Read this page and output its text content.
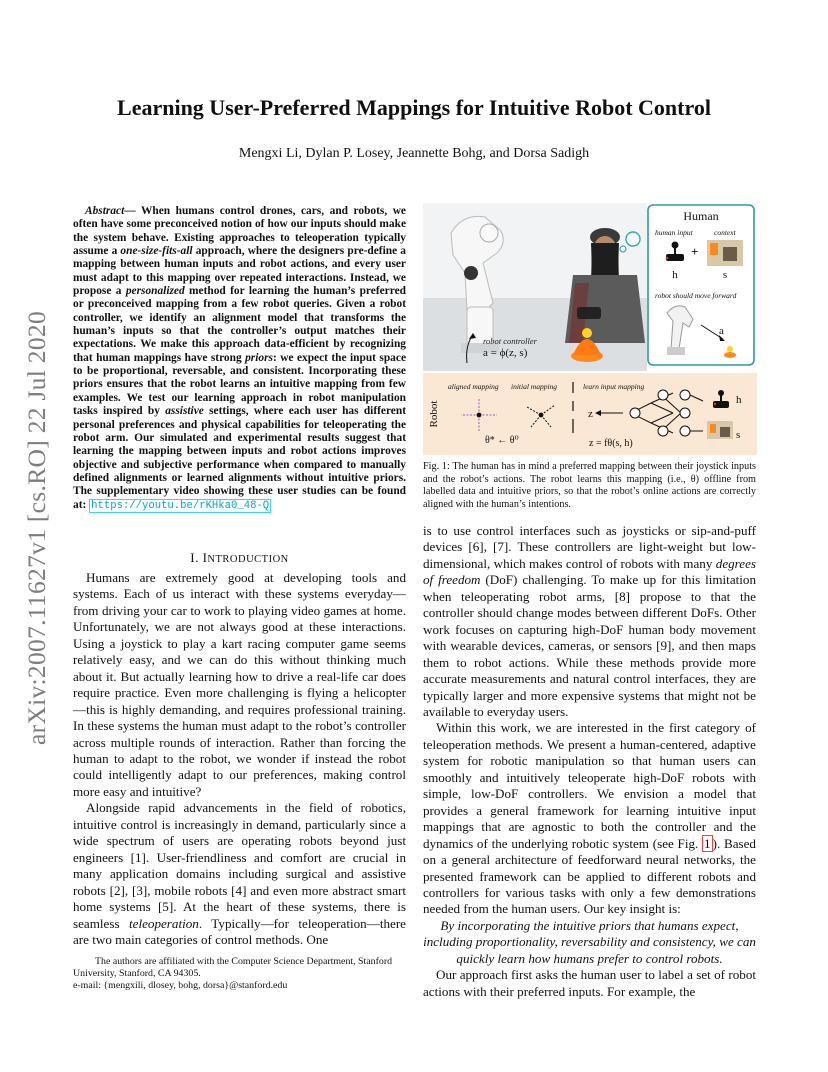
arXiv:2007.11627v1 [cs.RO] 22 Jul 2020
Learning User-Preferred Mappings for Intuitive Robot Control
Mengxi Li, Dylan P. Losey, Jeannette Bohg, and Dorsa Sadigh
Abstract— When humans control drones, cars, and robots, we often have some preconceived notion of how our inputs should make the system behave. Existing approaches to teleoperation typically assume a one-size-fits-all approach, where the designers pre-define a mapping between human inputs and robot actions, and every user must adapt to this mapping over repeated interactions. Instead, we propose a personalized method for learning the human’s preferred or preconceived mapping from a few robot queries. Given a robot controller, we identify an alignment model that transforms the human’s inputs so that the controller’s output matches their expectations. We make this approach data-efficient by recognizing that human mappings have strong priors: we expect the input space to be proportional, reversable, and consistent. Incorporating these priors ensures that the robot learns an intuitive mapping from few examples. We test our learning approach in robot manipulation tasks inspired by assistive settings, where each user has different personal preferences and physical capabilities for teleoperating the robot arm. Our simulated and experimental results suggest that learning the mapping between inputs and robot actions improves objective and subjective performance when compared to manually defined alignments or learned alignments without intuitive priors. The supplementary video showing these user studies can be found at: https://youtu.be/rKHka0_48-Q
I. INTRODUCTION

Humans are extremely good at developing tools and systems. Each of us interact with these systems everyday—from driving your car to work to playing video games at home. Unfortunately, we are not always good at these interactions. Using a joystick to play a kart racing computer game seems relatively easy, and we can do this without thinking much about it. But actually learning how to drive a real-life car does require practice. Even more challenging is flying a helicopter—this is highly demanding, and requires professional training. In these systems the human must adapt to the robot’s controller across multiple rounds of interaction. Rather than forcing the human to adapt to the robot, we wonder if instead the robot could intelligently adapt to our preferences, making control more easy and intuitive?

Alongside rapid advancements in the field of robotics, intuitive control is increasingly in demand, particularly since a wide spectrum of users are operating robots beyond just engineers [1]. User-friendliness and comfort are crucial in many application domains including surgical and assistive robots [2], [3], mobile robots [4] and even more abstract smart home systems [5]. At the heart of these systems, there is seamless teleoperation. Typically—for teleoperation—there are two main categories of control methods. One

The authors are affiliated with the Computer Science Department, Stanford University, Stanford, CA 94305.

e-mail: {mengxili, dlosey, bohg, dorsa}@stanford.edu

robot controller
a = ϕ(z, s)
Human
human input	context
+
h	s
robot should move forward
a
Robot
aligned mapping initial mapping	learn input mapping
θ* ← θ⁰
z
h
s
z = fθ(s, h)
Fig. 1: The human has in mind a preferred mapping between their joystick inputs and the robot’s actions. The robot learns this mapping (i.e., θ) offline from labelled data and intuitive priors, so that the robot’s online actions are correctly aligned with the human’s intentions.

is to use control interfaces such as joysticks or sip-and-puff devices [6], [7]. These controllers are light-weight but low-dimensional, which makes control of robots with many degrees of freedom (DoF) challenging. To make up for this limitation when teleoperating robot arms, [8] propose to that the controller should change modes between different DoFs. Other work focuses on capturing high-DoF human body movement with wearable devices, cameras, or sensors [9], and then maps them to robot actions. While these methods provide more accurate measurements and natural control interfaces, they are typically larger and more expensive systems that might not be available to everyday users.

Within this work, we are interested in the first category of teleoperation methods. We present a human-centered, adaptive system for robotic manipulation so that human users can smoothly and intuitively teleoperate high-DoF robots with simple, low-DoF controllers. We envision a model that provides a general framework for learning intuitive input mappings that are agnostic to both the controller and the dynamics of the underlying robotic system (see Fig. 1 ). Based on a general architecture of feedforward neural networks, the presented framework can be applied to different robots and controllers for various tasks with only a few demonstrations needed from the human users. Our key insight is:

By incorporating the intuitive priors that humans expect, including proportionality, reversability and consistency, we can quickly learn how humans prefer to control robots.

Our approach first asks the human user to label a set of robot actions with their preferred inputs. For example, the
